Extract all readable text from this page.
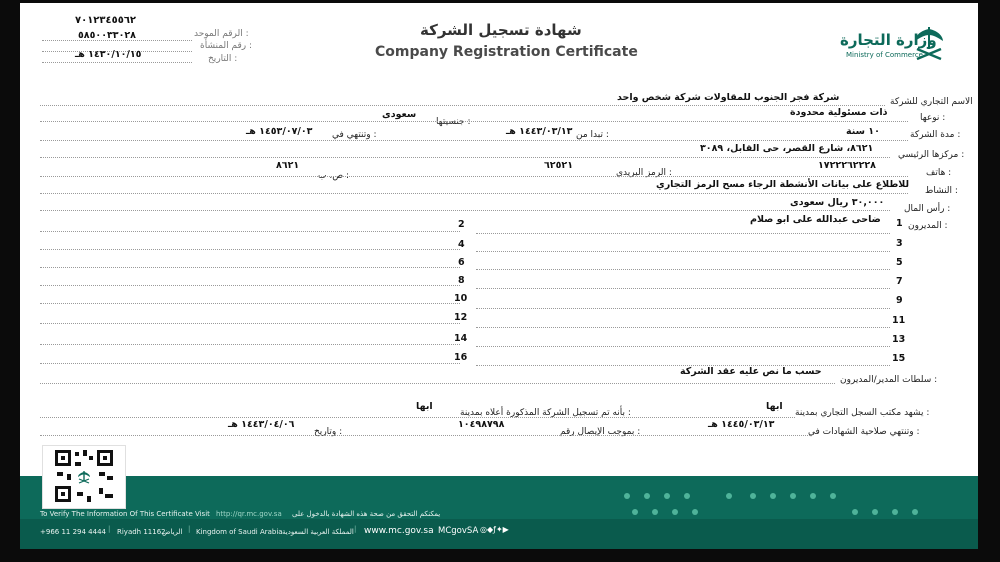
٧٠١٢٣٤٥٥٦٢
الرقم الموحد :
٥٨٥٠٠٣٣٠٢٨
رقم المنشأة :
١٤٣٠/١٠/١٥ هـ	التاريخ :
شهادة تسجيل الشركة
Company Registration Certificate
وزارة التجارة
Ministry of Commerce
الاسم التجاري للشركة
شركة فجر الجنوب للمقاولات شركة شخص واحد
نوعها :
ذات مسئولية محدودة
جنسيتها :
سعودى
مدة الشركة :
١٠ سنة
تبدا من :
١٤٤٣/٠٣/١٣ هـ
وتنتهي في :
١٤٥٣/٠٧/٠٣ هـ
مركزها الرئيسي :
٨٦٢١، شارع القصر، حى القابل، ٣٠٨٩
هاتف :
١٧٢٢٢٦٢٢٢٨
الرمز البريدي :
٦٢٥٢١
ص. ب :
٨٦٢١
النشاط :
للاطلاع على بيانات الأنشطة الرجاء مسح الرمز التجاري
رأس المال :
٣٠,٠٠٠ ريال سعودى
المديرون :
ضاحى عبدالله على ابو صلام
2
4
6
8
10
12
14
16
1
3
5
7
9
11
13
15
سلطات المدير/المديرون :
حسب ما نص عليه عقد الشركة
يشهد مكتب السجل التجاري بمدينة :
ابها
بأنه تم تسجيل الشركة المذكورة أعلاه بمدينة :
ابها
وتنتهي صلاحية الشهادات في :
١٤٤٥/٠٣/١٣ هـ
بموجب الإيصال رقم :
١٠٤٩٨٧٩٨
وتاريخ :
١٤٤٣/٠٤/٠٦ هـ
To Verify The Information Of This Certificate Visit http://qr.mc.gov.sa يمكنكم التحقق من صحة هذه الشهادة بالدخول على
+966 11 294 4444 | Riyadh 11162
الرياض | Kingdom of Saudi Arabia المملكة العربية السعودية | www.mc.gov.sa MCgovSA ◎◆ƒ✦▶
